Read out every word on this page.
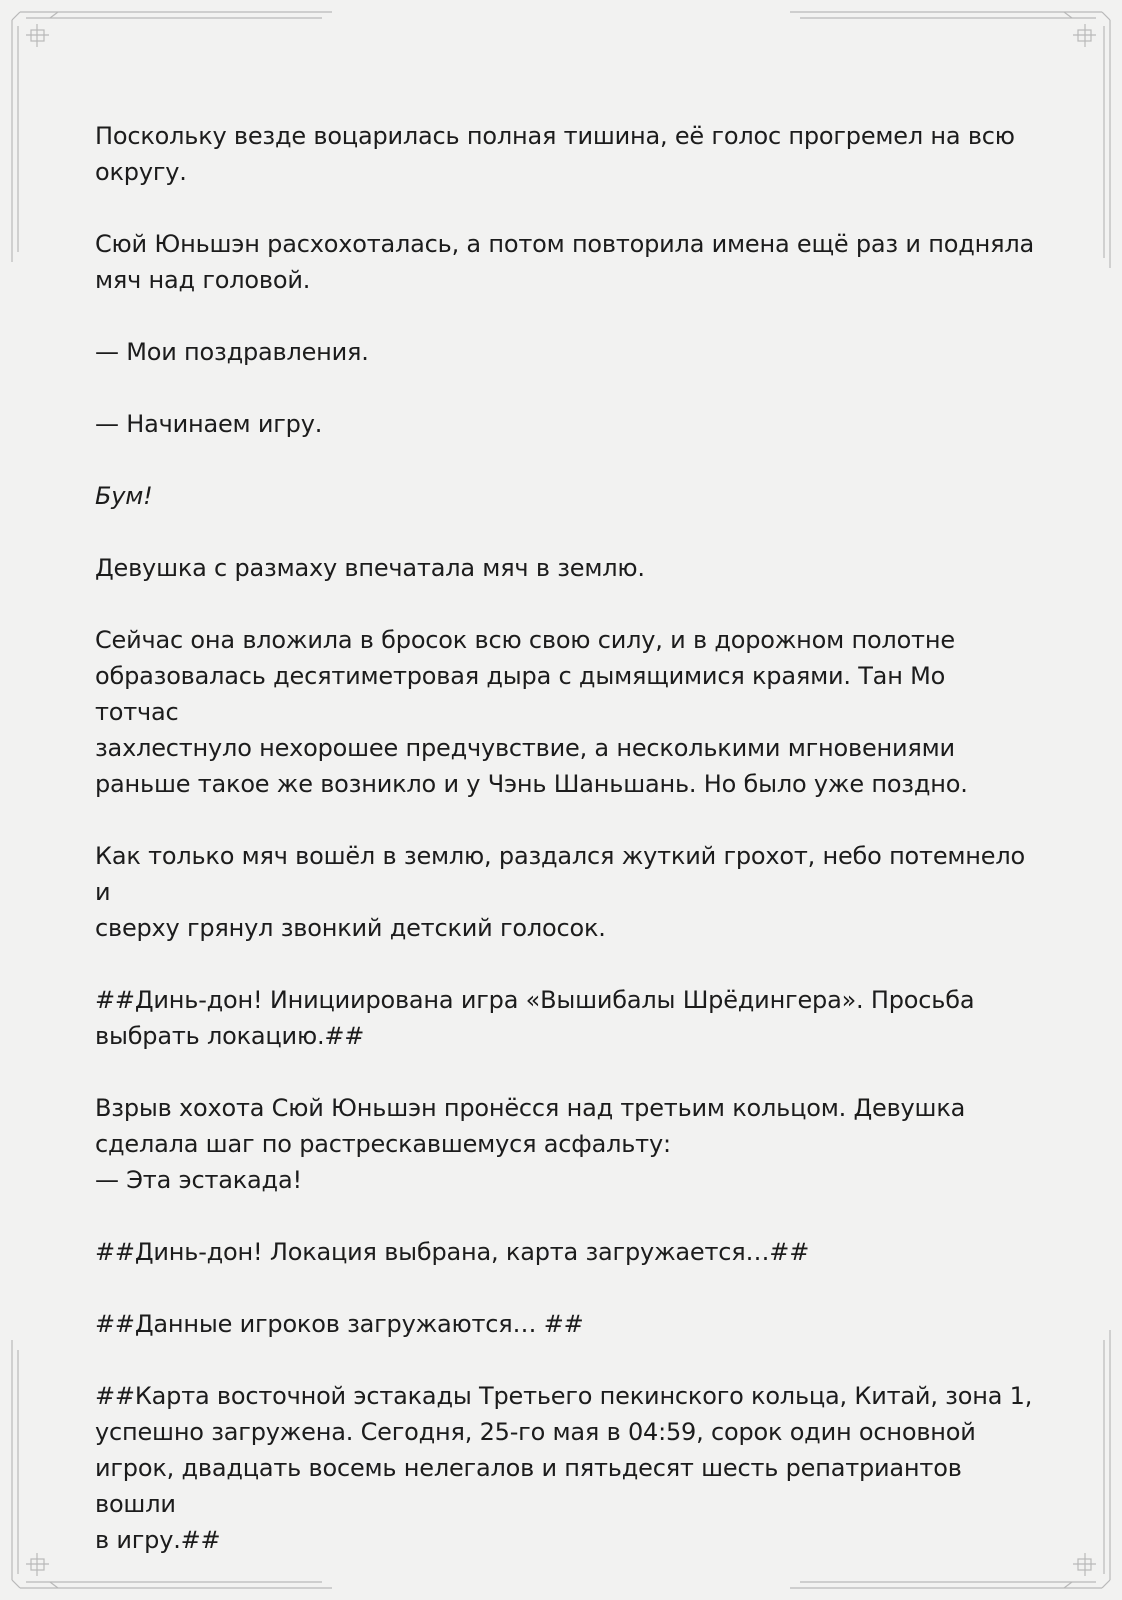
Поскольку везде воцарилась полная тишина, её голос прогремел на всю
округу.

Сюй Юньшэн расхохоталась, а потом повторила имена ещё раз и подняла
мяч над головой.

— Мои поздравления.

— Начинаем игру.

Бум!

Девушка с размаху впечатала мяч в землю.

Сейчас она вложила в бросок всю свою силу, и в дорожном полотне
образовалась десятиметровая дыра с дымящимися краями. Тан Мо тотчас
захлестнуло нехорошее предчувствие, а несколькими мгновениями
раньше такое же возникло и у Чэнь Шаньшань. Но было уже поздно.

Как только мяч вошёл в землю, раздался жуткий грохот, небо потемнело и
сверху грянул звонкий детский голосок.

##Динь-дон! Инициирована игра «Вышибалы Шрёдингера». Просьба
выбрать локацию.##

Взрыв хохота Сюй Юньшэн пронёсся над третьим кольцом. Девушка
сделала шаг по растрескавшемуся асфальту:
— Эта эстакада!

##Динь-дон! Локация выбрана, карта загружается…##

##Данные игроков загружаются… ##

##Карта восточной эстакады Третьего пекинского кольца, Китай, зона 1,
успешно загружена. Сегодня, 25-го мая в 04:59, сорок один основной
игрок, двадцать восемь нелегалов и пятьдесят шесть репатриантов вошли
в игру.##
